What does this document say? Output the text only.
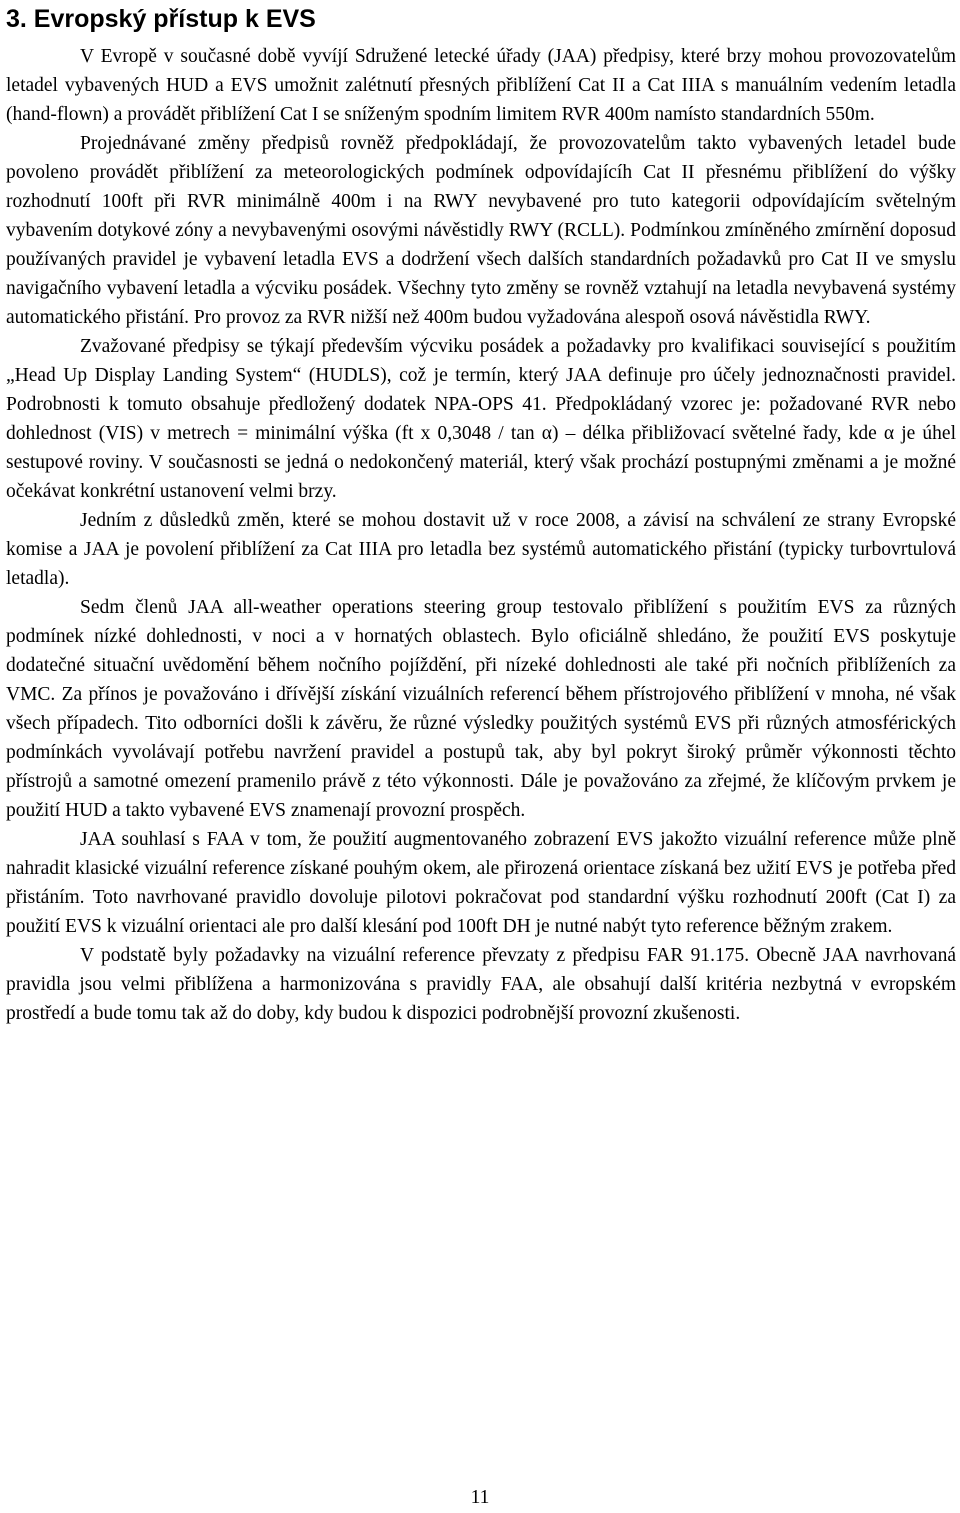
3. Evropský přístup k EVS

V Evropě v současné době vyvíjí Sdružené letecké úřady (JAA) předpisy, které brzy mohou provozovatelům letadel vybavených HUD a EVS umožnit zalétnutí přesných přiblížení Cat II a Cat IIIA s manuálním vedením letadla (hand-flown) a provádět přiblížení Cat I se sníženým spodním limitem RVR 400m namísto standardních 550m.

Projednávané změny předpisů rovněž předpokládají, že provozovatelům takto vybavených letadel bude povoleno provádět přiblížení za meteorologických podmínek odpovídajícíh Cat II přesnému přiblížení do výšky rozhodnutí 100ft při RVR minimálně 400m i na RWY nevybavené pro tuto kategorii odpovídajícím světelným vybavením dotykové zóny a nevybavenými osovými návěstidly RWY (RCLL). Podmínkou zmíněného zmírnění doposud používaných pravidel je vybavení letadla EVS a dodržení všech dalších standardních požadavků pro Cat II ve smyslu navigačního vybavení letadla a výcviku posádek. Všechny tyto změny se rovněž vztahují na letadla nevybavená systémy automatického přistání. Pro provoz za RVR nižší než 400m budou vyžadována alespoň osová návěstidla RWY.

Zvažované předpisy se týkají především výcviku posádek a požadavky pro kvalifikaci související s použitím „Head Up Display Landing System“ (HUDLS), což je termín, který JAA definuje pro účely jednoznačnosti pravidel. Podrobnosti k tomuto obsahuje předložený dodatek NPA-OPS 41. Předpokládaný vzorec je: požadované RVR nebo dohlednost (VIS) v metrech = minimální výška (ft x 0,3048 / tan α) – délka přibližovací světelné řady, kde α je úhel sestupové roviny. V současnosti se jedná o nedokončený materiál, který však prochází postupnými změnami a je možné očekávat konkrétní ustanovení velmi brzy.

Jedním z důsledků změn, které se mohou dostavit už v roce 2008, a závisí na schválení ze strany Evropské komise a JAA je povolení přiblížení za Cat IIIA pro letadla bez systémů automatického přistání (typicky turbovrtulová letadla).

Sedm členů JAA all-weather operations steering group testovalo přiblížení s použitím EVS za různých podmínek nízké dohlednosti, v noci a v hornatých oblastech. Bylo oficiálně shledáno, že použití EVS poskytuje dodatečné situační uvědomění během nočního pojíždění, při nízeké dohlednosti ale také při nočních přiblíženích za VMC. Za přínos je považováno i dřívější získání vizuálních referencí během přístrojového přiblížení v mnoha, né však všech případech. Tito odborníci došli k závěru, že různé výsledky použitých systémů EVS při různých atmosférických podmínkách vyvolávají potřebu navržení pravidel a postupů tak, aby byl pokryt široký průměr výkonnosti těchto přístrojů a samotné omezení pramenilo právě z této výkonnosti. Dále je považováno za zřejmé, že klíčovým prvkem je použití HUD a takto vybavené EVS znamenají provozní prospěch.

JAA souhlasí s FAA v tom, že použití augmentovaného zobrazení EVS jakožto vizuální reference může plně nahradit klasické vizuální reference získané pouhým okem, ale přirozená orientace získaná bez užití EVS je potřeba před přistáním. Toto navrhované pravidlo dovoluje pilotovi pokračovat pod standardní výšku rozhodnutí 200ft (Cat I) za použití EVS k vizuální orientaci ale pro další klesání pod 100ft DH je nutné nabýt tyto reference běžným zrakem.

V podstatě byly požadavky na vizuální reference převzaty z předpisu FAR 91.175. Obecně JAA navrhovaná pravidla jsou velmi přiblížena a harmonizována s pravidly FAA, ale obsahují další kritéria nezbytná v evropském prostředí a bude tomu tak až do doby, kdy budou k dispozici podrobnější provozní zkušenosti.

11
